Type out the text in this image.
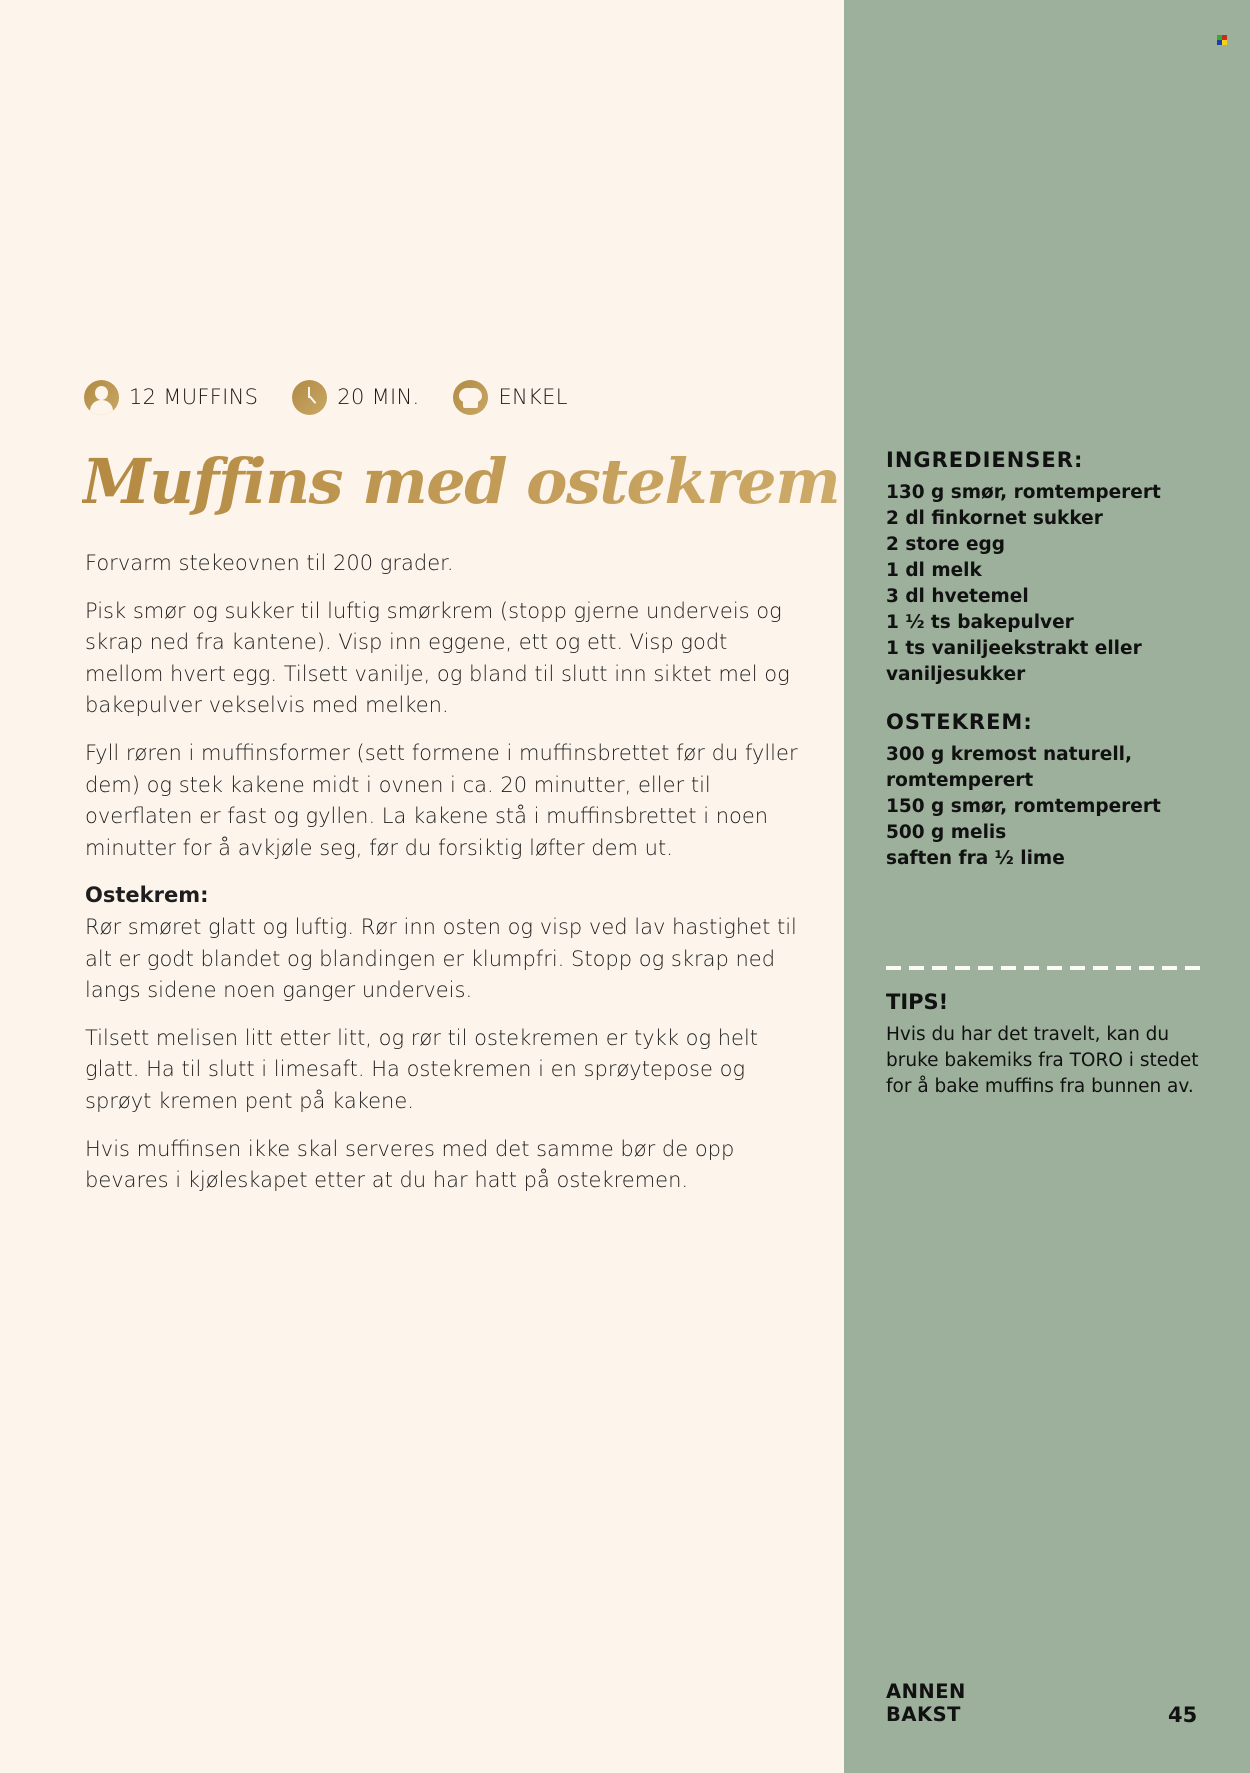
12 MUFFINS	20 MIN.	ENKEL
Muffins med ostekrem

Forvarm stekeovnen til 200 grader.

Pisk smør og sukker til luftig smørkrem (stopp gjerne underveis og skrap ned fra kantene). Visp inn eggene, ett og ett. Visp godt mellom hvert egg. Tilsett vanilje, og bland til slutt inn siktet mel og bakepulver vekselvis med melken.

Fyll røren i muffinsformer (sett formene i muffinsbrettet før du fyller dem) og stek kakene midt i ovnen i ca. 20 minutter, eller til overflaten er fast og gyllen. La kakene stå i muffinsbrettet i noen minutter for å avkjøle seg, før du forsiktig løfter dem ut.

Ostekrem:

Rør smøret glatt og luftig. Rør inn osten og visp ved lav hastighet til alt er godt blandet og blandingen er klumpfri. Stopp og skrap ned langs sidene noen ganger underveis.

Tilsett melisen litt etter litt, og rør til ostekremen er tykk og helt glatt. Ha til slutt i limesaft. Ha ostekremen i en sprøytepose og sprøyt kremen pent på kakene.

Hvis muffinsen ikke skal serveres med det samme bør de opp bevares i kjøleskapet etter at du har hatt på ostekremen.

INGREDIENSER:
130 g smør, romtemperert
2 dl finkornet sukker
2 store egg
1 dl melk
3 dl hvetemel
1 ½ ts bakepulver
1 ts vaniljeekstrakt eller vaniljesukker
OSTEKREM:
300 g kremost naturell, romtemperert
150 g smør, romtemperert
500 g melis
saften fra ½ lime
TIPS!

Hvis du har det travelt, kan du bruke bakemiks fra TORO i stedet for å bake muffins fra bunnen av.

ANNEN
BAKST	45
